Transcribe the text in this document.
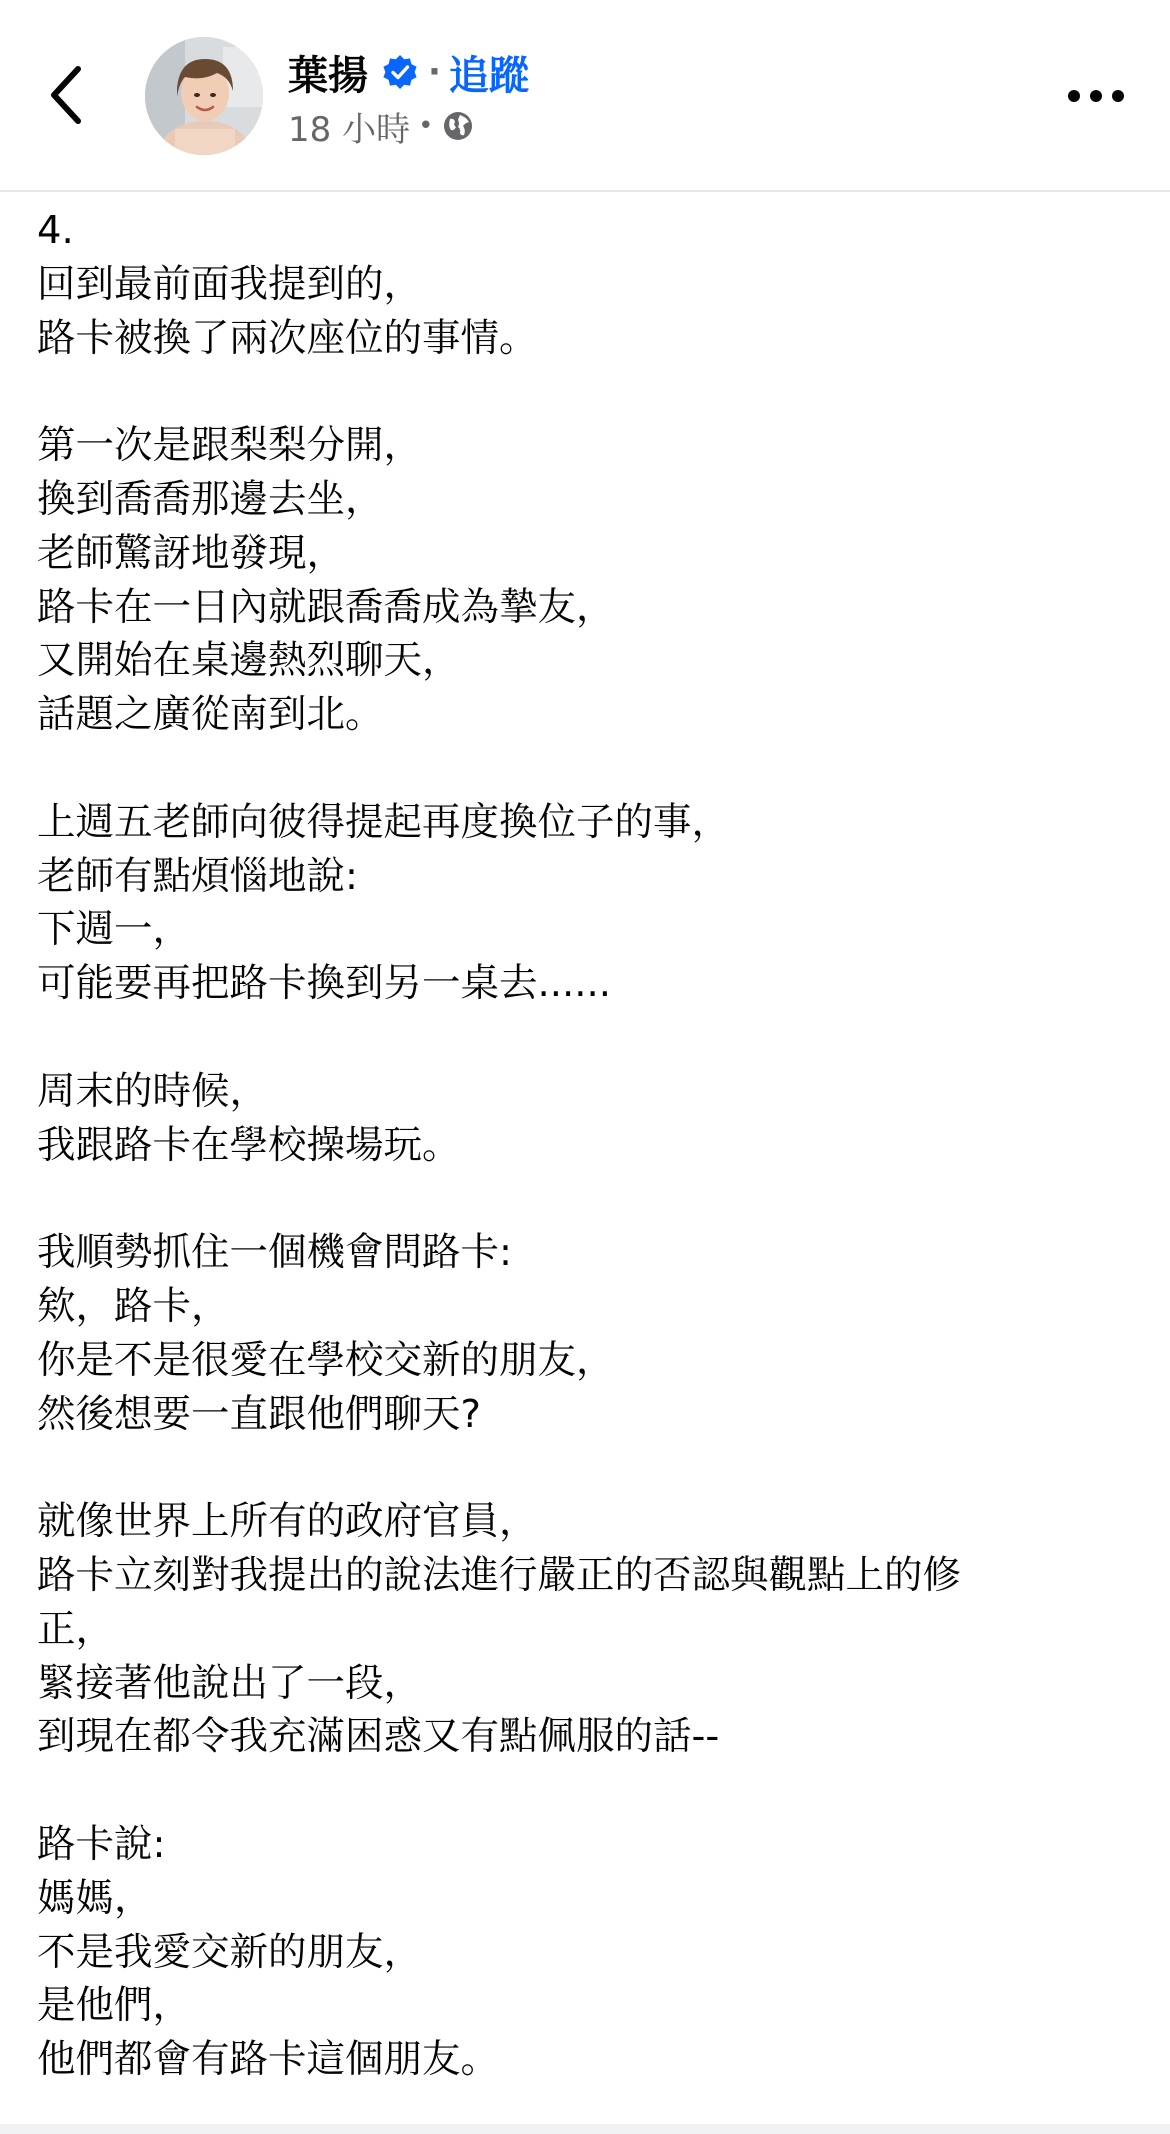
葉揚 · 追蹤
18 小時 •
4.
回到最前面我提到的，
路卡被換了兩次座位的事情。
第一次是跟梨梨分開，
換到喬喬那邊去坐，
老師驚訝地發現，
路卡在一日內就跟喬喬成為摯友，
又開始在桌邊熱烈聊天，
話題之廣從南到北。
上週五老師向彼得提起再度換位子的事，
老師有點煩惱地說:
下週一，
可能要再把路卡換到另一桌去......
周末的時候，
我跟路卡在學校操場玩。
我順勢抓住一個機會問路卡:
欸，路卡，
你是不是很愛在學校交新的朋友，
然後想要一直跟他們聊天?
就像世界上所有的政府官員，
路卡立刻對我提出的說法進行嚴正的否認與觀點上的修
正，
緊接著他說出了一段，
到現在都令我充滿困惑又有點佩服的話--
路卡說:
媽媽，
不是我愛交新的朋友，
是他們，
他們都會有路卡這個朋友。
